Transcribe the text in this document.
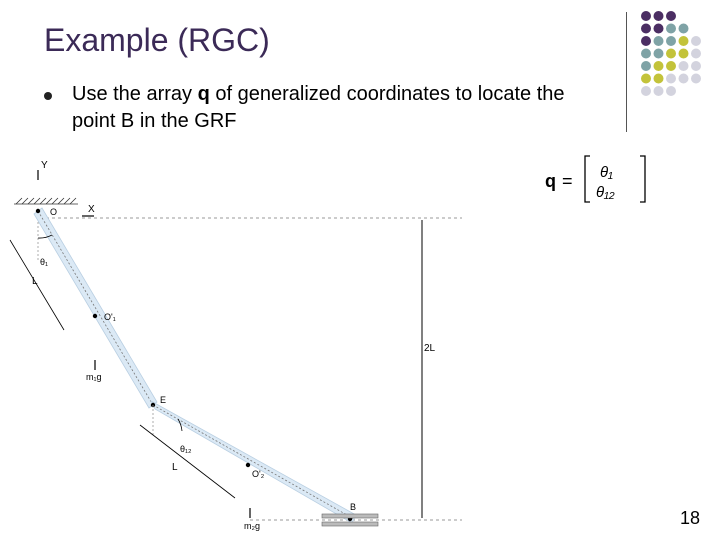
Example (RGC)
Use the array q of generalized coordinates to locate the point B in the GRF
q = θ₁
θ₁₂
Y
X
2L
O
O'₁
E
O'₂
B
θ₁
L
m₁g
θ₁₂
L
m₂g	18
